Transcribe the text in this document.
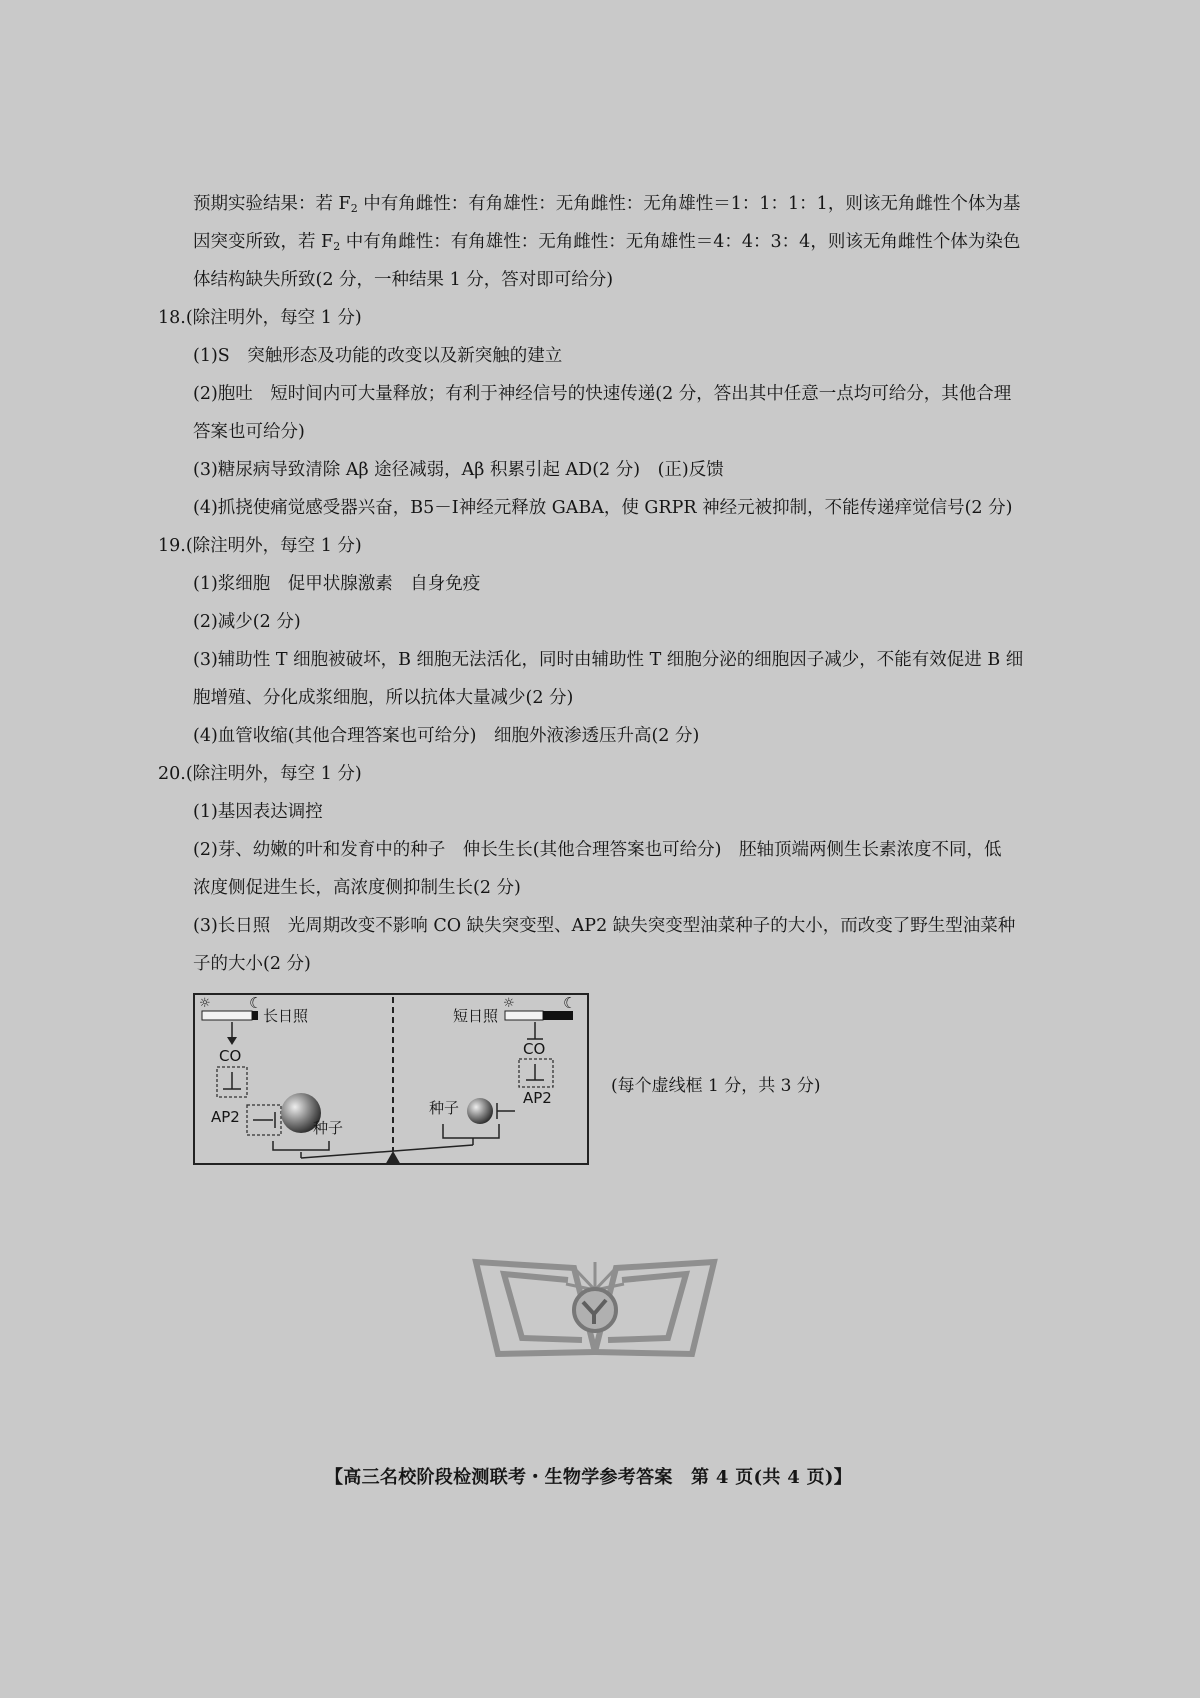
预期实验结果：若 $F_2$ 中有角雌性：有角雄性：无角雌性：无角雄性＝1：1：1：1，则该无角雌性个体为基
因突变所致，若 $F_2$ 中有角雌性：有角雄性：无角雌性：无角雄性＝4：4：3：4，则该无角雌性个体为染色
体结构缺失所致(2 分，一种结果 1 分，答对即可给分)
18.(除注明外，每空 1 分)
(1)S　突触形态及功能的改变以及新突触的建立
(2)胞吐　短时间内可大量释放；有利于神经信号的快速传递(2 分，答出其中任意一点均可给分，其他合理
答案也可给分)
(3)糖尿病导致清除 Aβ 途径减弱，Aβ 积累引起 AD(2 分)　(正)反馈
(4)抓挠使痛觉感受器兴奋，B5－Ⅰ神经元释放 GABA，使 GRPR 神经元被抑制，不能传递痒觉信号(2 分)
19.(除注明外，每空 1 分)
(1)浆细胞　促甲状腺激素　自身免疫
(2)减少(2 分)
(3)辅助性 T 细胞被破坏，B 细胞无法活化，同时由辅助性 T 细胞分泌的细胞因子减少，不能有效促进 B 细
胞增殖、分化成浆细胞，所以抗体大量减少(2 分)
(4)血管收缩(其他合理答案也可给分)　细胞外液渗透压升高(2 分)
20.(除注明外，每空 1 分)
(1)基因表达调控
(2)芽、幼嫩的叶和发育中的种子　伸长生长(其他合理答案也可给分)　胚轴顶端两侧生长素浓度不同，低
浓度侧促进生长，高浓度侧抑制生长(2 分)
(3)长日照　光周期改变不影响 CO 缺失突变型、AP2 缺失突变型油菜种子的大小，而改变了野生型油菜种
子的大小(2 分)
☼	☾
长日照
CO
AP2
种子
☼	☾
短日照
CO
AP2
种子
(每个虚线框 1 分，共 3 分)
【高三名校阶段检测联考・生物学参考答案　第 4 页(共 4 页)】
